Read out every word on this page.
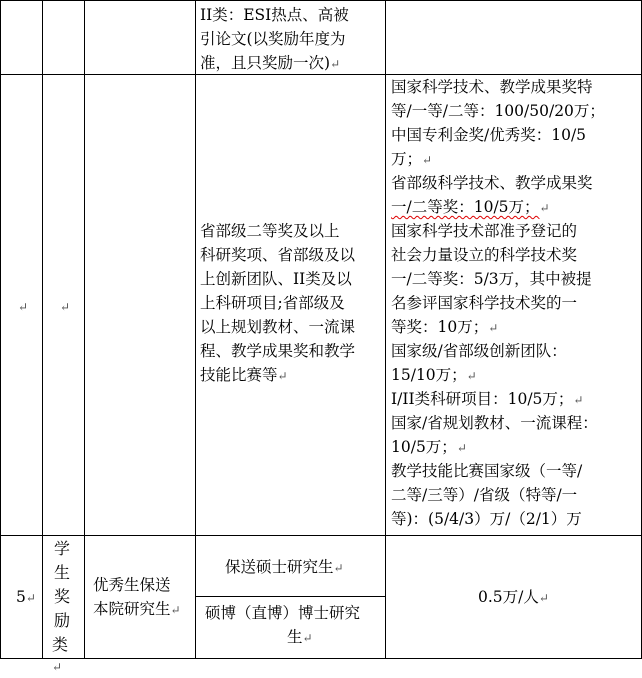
II类：ESI热点、高被
引论文(以奖励年度为
准，且只奖励一次)↵
↵	↵
省部级二等奖及以上
科研奖项、省部级及以
上创新团队、II类及以
上科研项目;省部级及
以上规划教材、一流课
程、教学成果奖和教学
技能比赛等↵
国家科学技术、教学成果奖特
等/一等/二等：100/50/20万；
中国专利金奖/优秀奖：10/5
万；↵
省部级科学技术、教学成果奖
一/二等奖：10/5万；↵
国家科学技术部准予登记的
社会力量设立的科学技术奖
一/二等奖：5/3万，其中被提
名参评国家科学技术奖的一
等奖：10万；↵
国家级/省部级创新团队：
15/10万；↵
Ⅰ/II类科研项目：10/5万；↵
国家/省规划教材、一流课程：
10/5万；↵
教学技能比赛国家级（一等/
二等/三等）/省级（特等/一
等)：(5/4/3）万/（2/1）万
5↵
学
生
奖
励
类↵
优秀生保送
本院研究生↵
保送硕士研究生↵
硕博（直博）博士研究
生↵
0.5万/人↵
